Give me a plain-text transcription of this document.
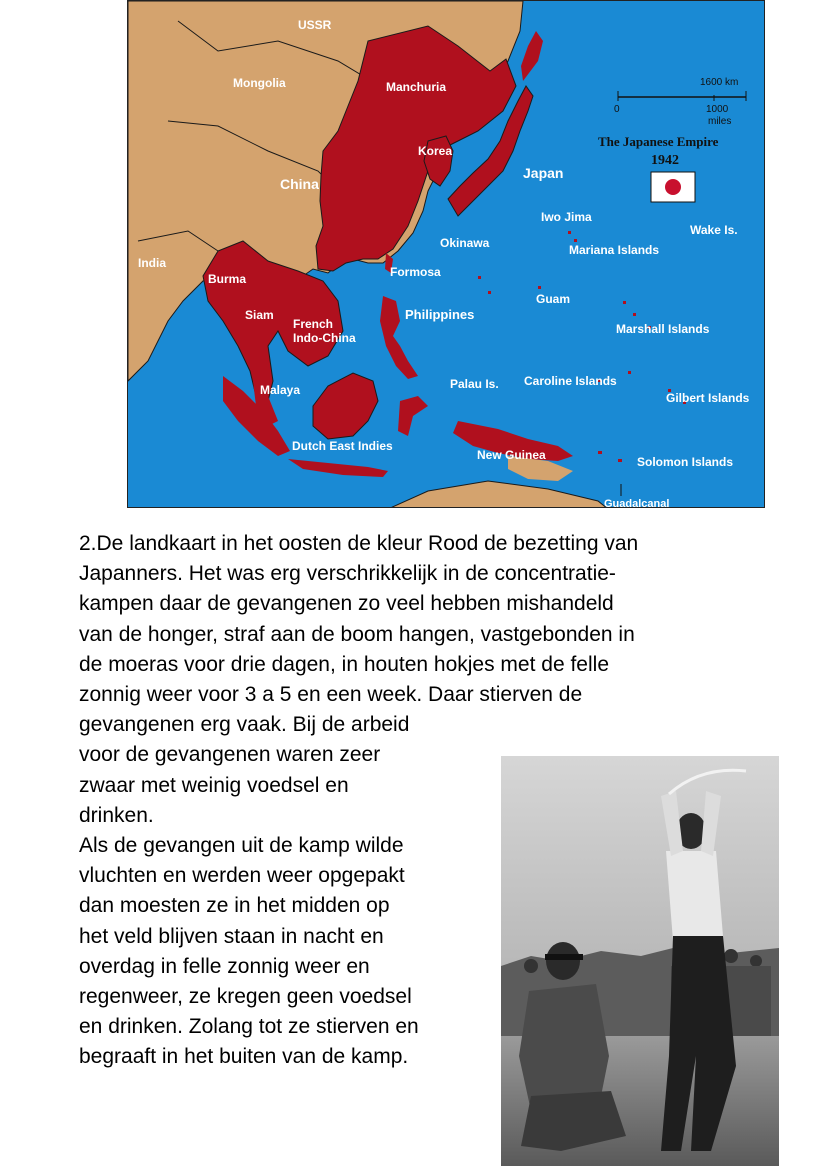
USSR
Mongolia	Manchuria
Korea
China
Japan
India
Burma
Siam
French
Indo-China
Formosa
Okinawa
Iwo Jima
Mariana Islands
Wake Is.
Philippines
Guam
Marshall Islands
Malaya	Palau Is. Caroline Islands
Gilbert Islands
Dutch East Indies
New Guinea	Solomon Islands
Guadalcanal
1600 km
0	1000
miles
The Japanese Empire
1942

2.De landkaart in het oosten de kleur Rood de bezetting van
Japanners. Het was erg verschrikkelijk in de concentratie-
kampen daar de gevangenen zo veel hebben mishandeld
van de honger, straf aan de boom hangen, vastgebonden in
de moeras voor drie dagen, in houten hokjes met de felle
zonnig weer voor 3 a 5 en een week. Daar stierven de
gevangenen erg vaak. Bij de arbeid
voor de gevangenen waren zeer
zwaar met weinig voedsel en
drinken.

Als de gevangen uit de kamp wilde
vluchten en werden weer opgepakt
dan moesten ze in het midden op
het veld blijven staan in nacht en
overdag in felle zonnig weer en
regenweer, ze kregen geen voedsel
en drinken. Zolang tot ze stierven en
begraaft in het buiten van de kamp.
